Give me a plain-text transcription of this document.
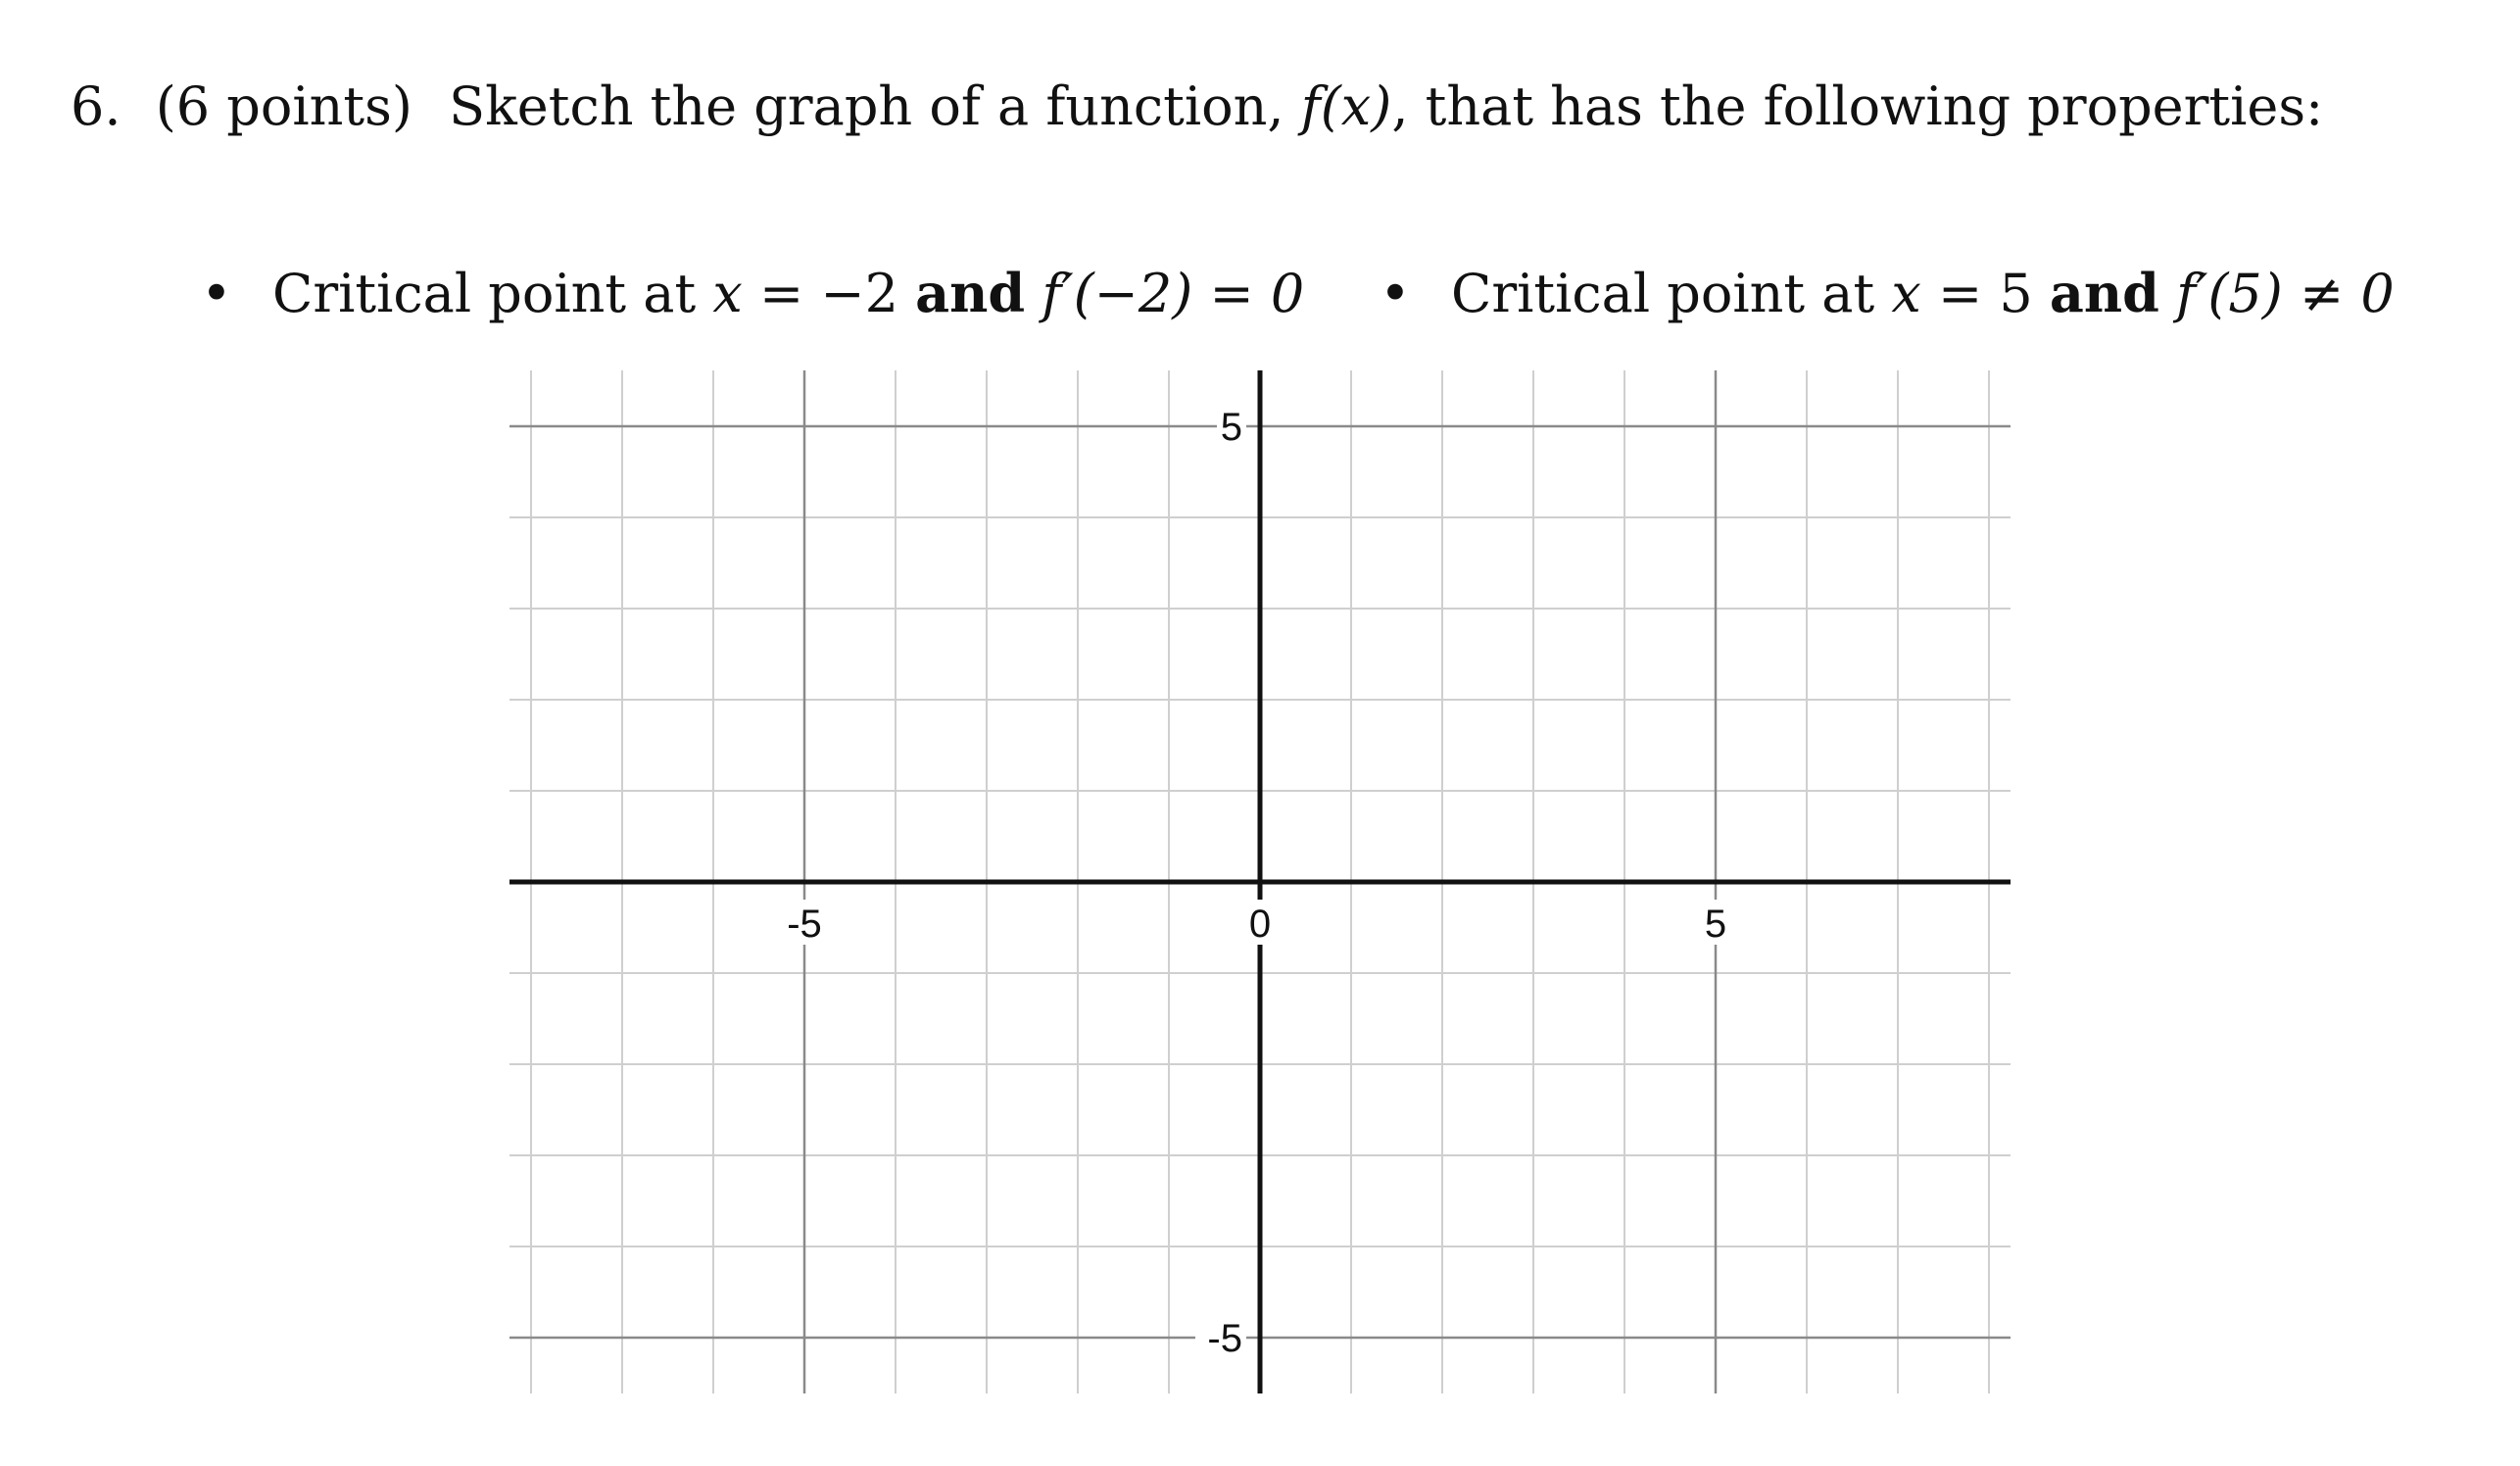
6. (6 points) Sketch the graph of a function, f(x), that has the following properties:
• Critical point at x = −2 and f′(−2) = 0 • Critical point at x = 5 and f′(5) ≠ 0
-5	0	5
5
-5
